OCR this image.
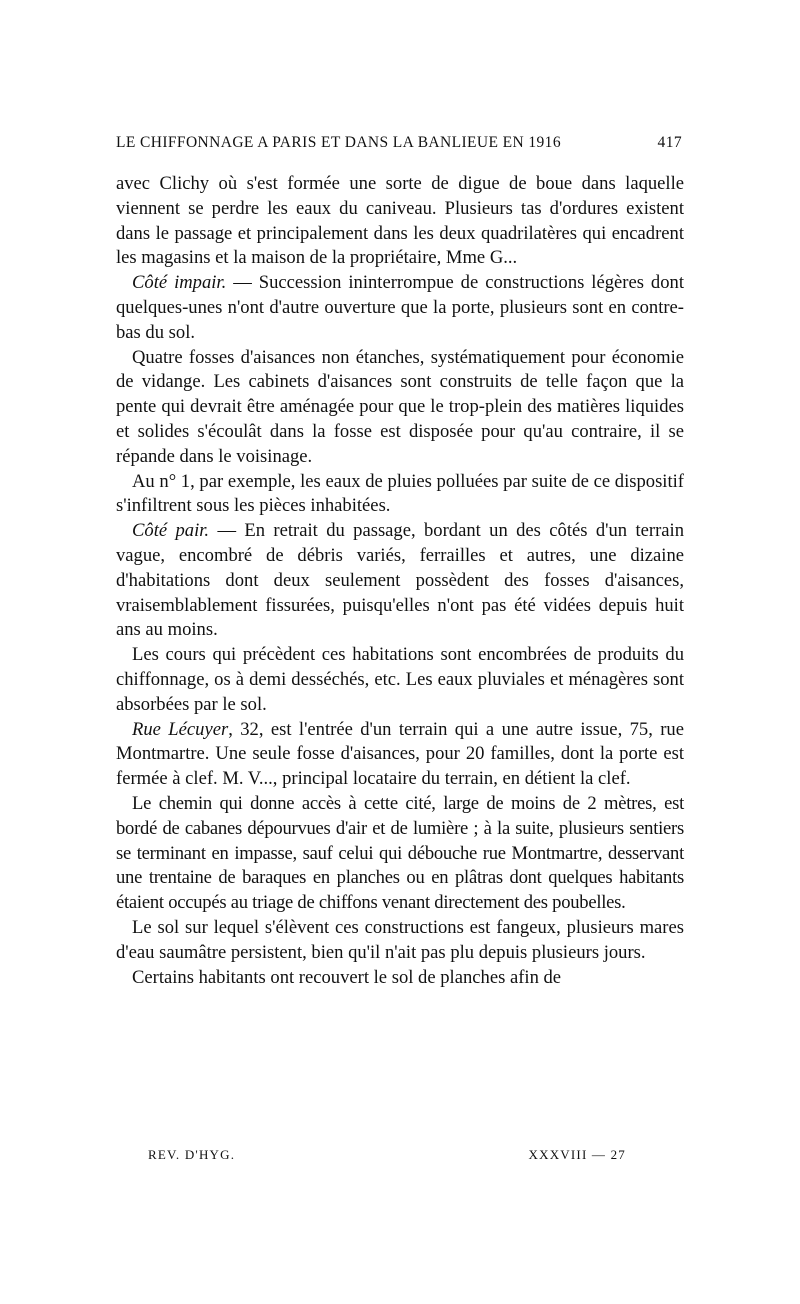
LE CHIFFONNAGE A PARIS ET DANS LA BANLIEUE EN 1916	417

avec Clichy où s'est formée une sorte de digue de boue dans laquelle viennent se perdre les eaux du caniveau. Plusieurs tas d'ordures existent dans le passage et principalement dans les deux quadrilatères qui encadrent les magasins et la maison de la propriétaire, Mme G...

Côté impair. — Succession ininterrompue de constructions légères dont quelques-unes n'ont d'autre ouverture que la porte, plusieurs sont en contre-bas du sol.

Quatre fosses d'aisances non étanches, systématiquement pour économie de vidange. Les cabinets d'aisances sont construits de telle façon que la pente qui devrait être aménagée pour que le trop-plein des matières liquides et solides s'écoulât dans la fosse est disposée pour qu'au contraire, il se répande dans le voisinage.

Au n° 1, par exemple, les eaux de pluies polluées par suite de ce dispositif s'infiltrent sous les pièces inhabitées.

Côté pair. — En retrait du passage, bordant un des côtés d'un terrain vague, encombré de débris variés, ferrailles et autres, une dizaine d'habitations dont deux seulement possèdent des fosses d'aisances, vraisemblablement fissurées, puisqu'elles n'ont pas été vidées depuis huit ans au moins.

Les cours qui précèdent ces habitations sont encombrées de produits du chiffonnage, os à demi desséchés, etc. Les eaux pluviales et ménagères sont absorbées par le sol.

Rue Lécuyer, 32, est l'entrée d'un terrain qui a une autre issue, 75, rue Montmartre. Une seule fosse d'aisances, pour 20 familles, dont la porte est fermée à clef. M. V..., principal locataire du terrain, en détient la clef.

Le chemin qui donne accès à cette cité, large de moins de 2 mètres, est bordé de cabanes dépourvues d'air et de lumière ; à la suite, plusieurs sentiers se terminant en impasse, sauf celui qui débouche rue Montmartre, desservant une trentaine de baraques en planches ou en plâtras dont quelques habitants étaient occupés au triage de chiffons venant directement des poubelles.

Le sol sur lequel s'élèvent ces constructions est fangeux, plusieurs mares d'eau saumâtre persistent, bien qu'il n'ait pas plu depuis plusieurs jours.

Certains habitants ont recouvert le sol de planches afin de

REV. D'HYG.	XXXVIII — 27
